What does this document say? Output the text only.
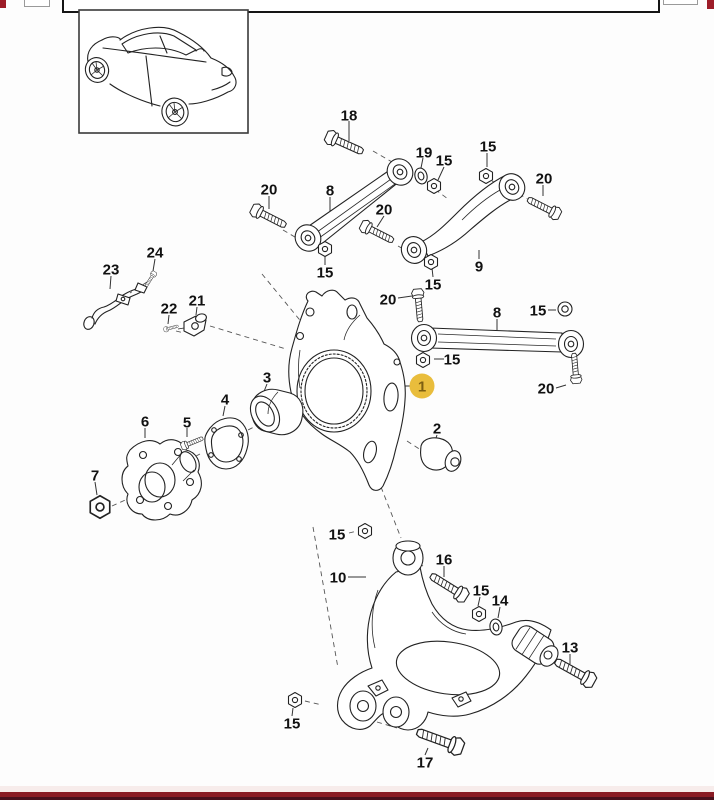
18
20	8
19 15
15
20
15	9
20
15
20
8 15
15
1
2
20
3
4
5
6
7
23
24
22 21
15
10
16
15
14
13
15
17
